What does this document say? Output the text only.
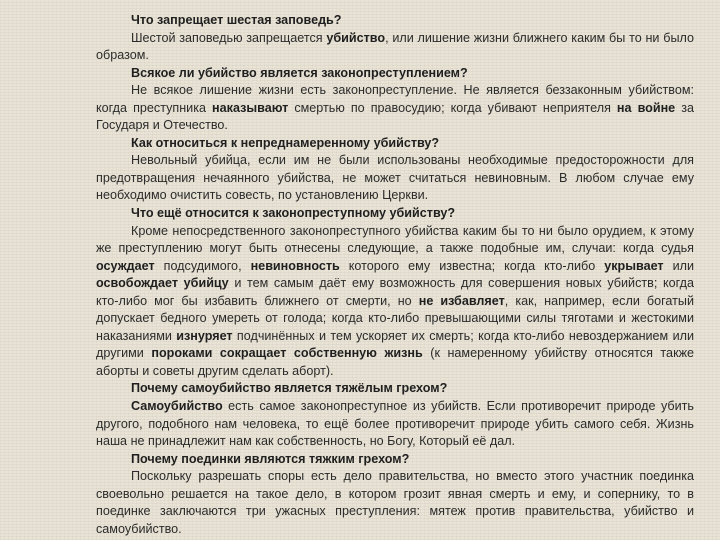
Что запрещает шестая заповедь?

Шестой заповедью запрещается убийство, или лишение жизни ближнего каким бы то ни было образом.

Всякое ли убийство является законопреступлением?

Не всякое лишение жизни есть законопреступление. Не является беззаконным убийством: когда преступника наказывают смертью по правосудию; когда убивают неприятеля на войне за Государя и Отечество.

Как относиться к непреднамеренному убийству?

Невольный убийца, если им не были использованы необходимые предосторожности для предотвращения нечаянного убийства, не может считаться невиновным. В любом случае ему необходимо очистить совесть, по установлению Церкви.

Что ещё относится к законопреступному убийству?

Кроме непосредственного законопреступного убийства каким бы то ни было орудием, к этому же преступлению могут быть отнесены следующие, а также подобные им, случаи: когда судья осуждает подсудимого, невиновность которого ему известна; когда кто-либо укрывает или освобождает убийцу и тем самым даёт ему возможность для совершения новых убийств; когда кто-либо мог бы избавить ближнего от смерти, но не избавляет, как, например, если богатый допускает бедного умереть от голода; когда кто-либо превышающими силы тяготами и жестокими наказаниями изнуряет подчинённых и тем ускоряет их смерть; когда кто-либо невоздержанием или другими пороками сокращает собственную жизнь (к намеренному убийству относятся также аборты и советы другим сделать аборт).

Почему самоубийство является тяжёлым грехом?

Самоубийство есть самое законопреступное из убийств. Если противоречит природе убить другого, подобного нам человека, то ещё более противоречит природе убить самого себя. Жизнь наша не принадлежит нам как собственность, но Богу, Который её дал.

Почему поединки являются тяжким грехом?

Поскольку разрешать споры есть дело правительства, но вместо этого участник поединка своевольно решается на такое дело, в котором грозит явная смерть и ему, и сопернику, то в поединке заключаются три ужасных преступления: мятеж против правительства, убийство и самоубийство.
